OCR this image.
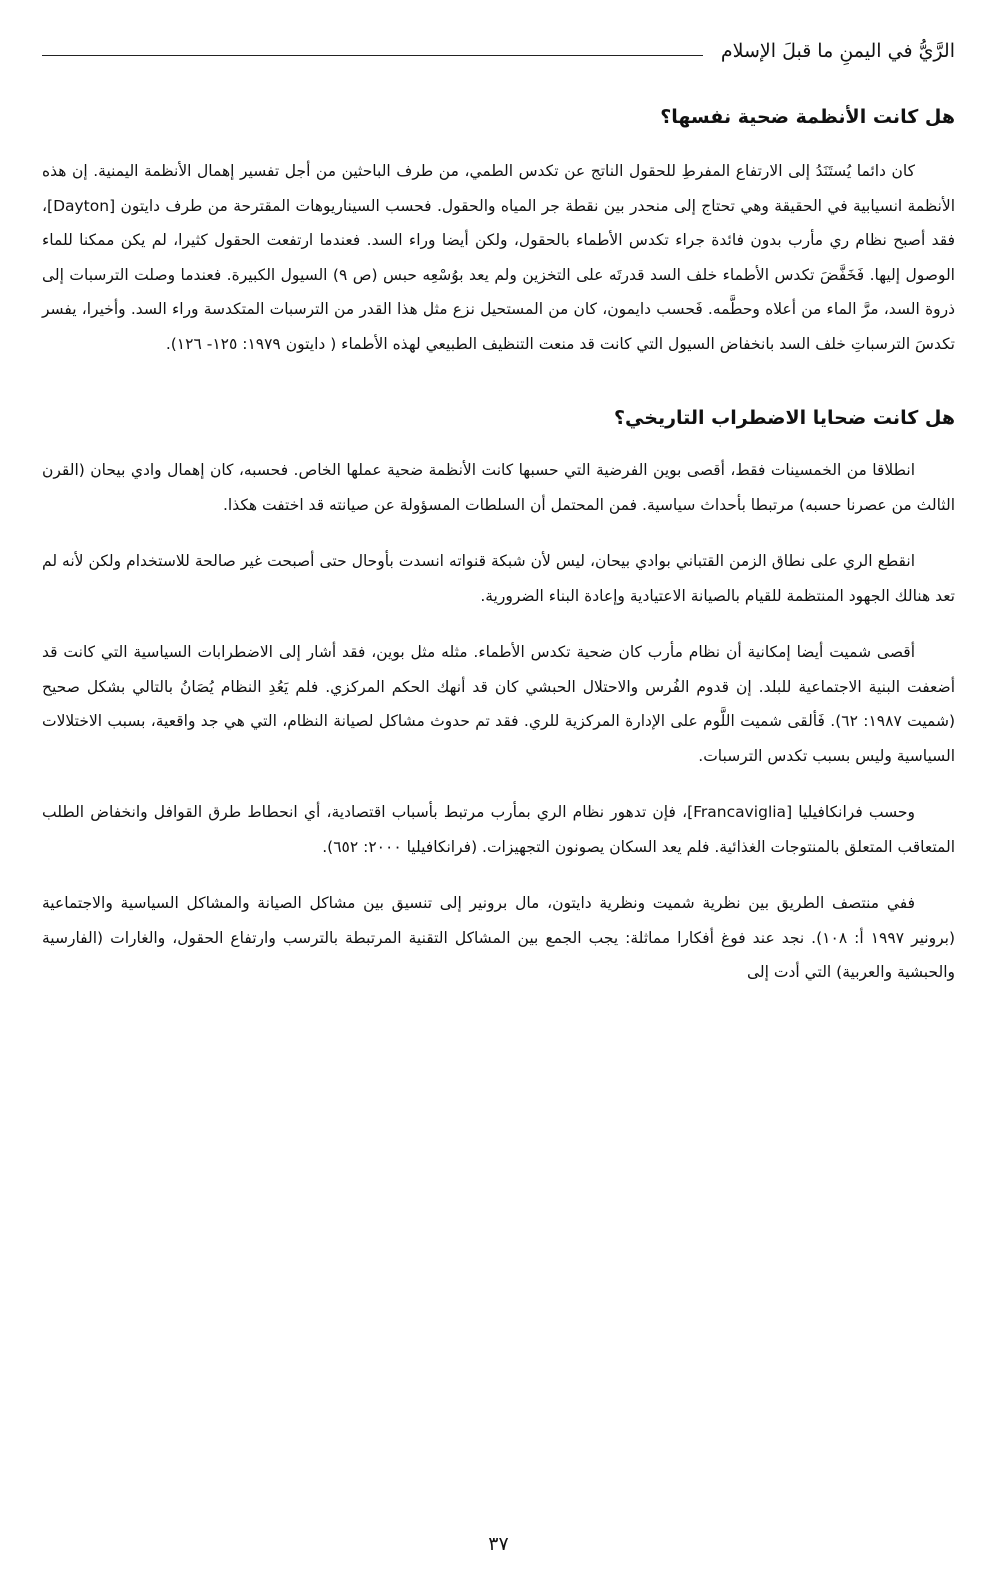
الرَّيُّ في اليمنِ ما قبلَ الإسلام
هل كانت الأنظمة ضحية نفسها؟

كان دائما يُستَنَدُ إلى الارتفاع المفرطِ للحقول الناتج عن تكدس الطمي، من طرف الباحثين من أجل تفسير إهمال الأنظمة اليمنية. إن هذه الأنظمة انسيابية في الحقيقة وهي تحتاج إلى منحدر بين نقطة جر المياه والحقول. فحسب السيناريوهات المقترحة من طرف دايتون [Dayton]، فقد أصبح نظام ري مأرب بدون فائدة جراء تكدس الأطماء بالحقول، ولكن أيضا وراء السد. فعندما ارتفعت الحقول كثيرا، لم يكن ممكنا للماء الوصول إليها. فَخَفَّضَ تكدس الأطماء خلف السد قدرتَه على التخزين ولم يعد بوُسْعِه حبس (ص ٩) السيول الكبيرة. فعندما وصلت الترسبات إلى ذروة السد، مرَّ الماء من أعلاه وحطَّمه. فَحسب دايمون، كان من المستحيل نزع مثل هذا القدر من الترسبات المتكدسة وراء السد. وأخيرا، يفسر تكدسَ الترسباتِ خلف السد بانخفاض السيول التي كانت قد منعت التنظيف الطبيعي لهذه الأطماء ( دايتون ١٩٧٩: ١٢٥- ١٢٦).

هل كانت ضحايا الاضطراب التاريخي؟

انطلاقا من الخمسينات فقط، أقصى بوين الفرضية التي حسبها كانت الأنظمة ضحية عملها الخاص. فحسبه، كان إهمال وادي بيحان (القرن الثالث من عصرنا حسبه) مرتبطا بأحداث سياسية. فمن المحتمل أن السلطات المسؤولة عن صيانته قد اختفت هكذا.

انقطع الري على نطاق الزمن القتباني بوادي بيحان، ليس لأن شبكة قنواته انسدت بأوحال حتى أصبحت غير صالحة للاستخدام ولكن لأنه لم تعد هنالك الجهود المنتظمة للقيام بالصيانة الاعتيادية وإعادة البناء الضرورية.

أقصى شميت أيضا إمكانية أن نظام مأرب كان ضحية تكدس الأطماء. مثله مثل بوين، فقد أشار إلى الاضطرابات السياسية التي كانت قد أضعفت البنية الاجتماعية للبلد. إن قدوم الفُرس والاحتلال الحبشي كان قد أنهك الحكم المركزي. فلم يَعُدِ النظام يُصَانُ بالتالي بشكل صحيح (شميت ١٩٨٧: ٦٢). فَألقى شميت اللَّوم على الإدارة المركزية للري. فقد تم حدوث مشاكل لصيانة النظام، التي هي جد واقعية، بسبب الاختلالات السياسية وليس بسبب تكدس الترسبات.

وحسب فرانكافيليا [Francaviglia]، فإن تدهور نظام الري بمأرب مرتبط بأسباب اقتصادية، أي انحطاط طرق القوافل وانخفاض الطلب المتعاقب المتعلق بالمنتوجات الغذائية. فلم يعد السكان يصونون التجهيزات. (فرانكافيليا ٢٠٠٠: ٦٥٢).

ففي منتصف الطريق بين نظرية شميت ونظرية دايتون، مال برونير إلى تنسيق بين مشاكل الصيانة والمشاكل السياسية والاجتماعية (برونير ١٩٩٧ أ: ١٠٨). نجد عند فوغ أفكارا مماثلة: يجب الجمع بين المشاكل التقنية المرتبطة بالترسب وارتفاع الحقول، والغارات (الفارسية والحبشية والعربية) التي أدت إلى

٣٧
